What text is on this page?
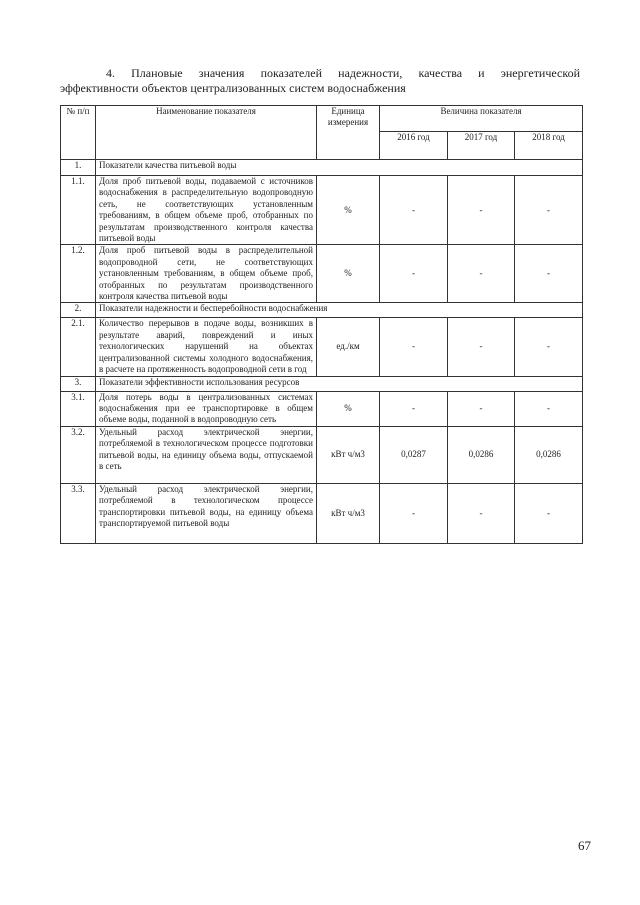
4. Плановые значения показателей надежности, качества и энергетической
эффективности объектов централизованных систем водоснабжения
№ п/п	Наименование показателя	Единица измерения	Величина показателя		
			2016 год	2017 год	2018 год
1.	Показатели качества питьевой воды				
1.1.	Доля проб питьевой воды, подаваемой с источников водоснабжения в распределительную водопроводную сеть, не соответствующих установленным требованиям, в общем объеме проб, отобранных по результатам производственного контроля качества питьевой воды	%	-	-	-
1.2.	Доля проб питьевой воды в распределительной водопроводной сети, не соответствующих установленным требованиям, в общем объеме проб, отобранных по результатам производственного контроля качества питьевой воды	%	-	-	-
2.	Показатели надежности и бесперебойности водоснабжения				
2.1.	Количество перерывов в подаче воды, возникших в результате аварий, повреждений и иных технологических нарушений на объектах централизованной системы холодного водоснабжения, в расчете на протяженность водопроводной сети в год	ед./км	-	-	-
3.	Показатели эффективности использования ресурсов				
3.1.	Доля потерь воды в централизованных системах водоснабжения при ее транспортировке в общем объеме воды, поданной в водопроводную сеть	%	-	-	-
3.2.	Удельный расход электрической энергии, потребляемой в технологическом процессе подготовки питьевой воды, на единицу объема воды, отпускаемой в сеть	кВт ч/м3	0,0287	0,0286	0,0286
3.3.	Удельный расход электрической энергии, потребляемой в технологическом процессе транспортировки питьевой воды, на единицу объема транспортируемой питьевой воды	кВт ч/м3	-	-	-
67
